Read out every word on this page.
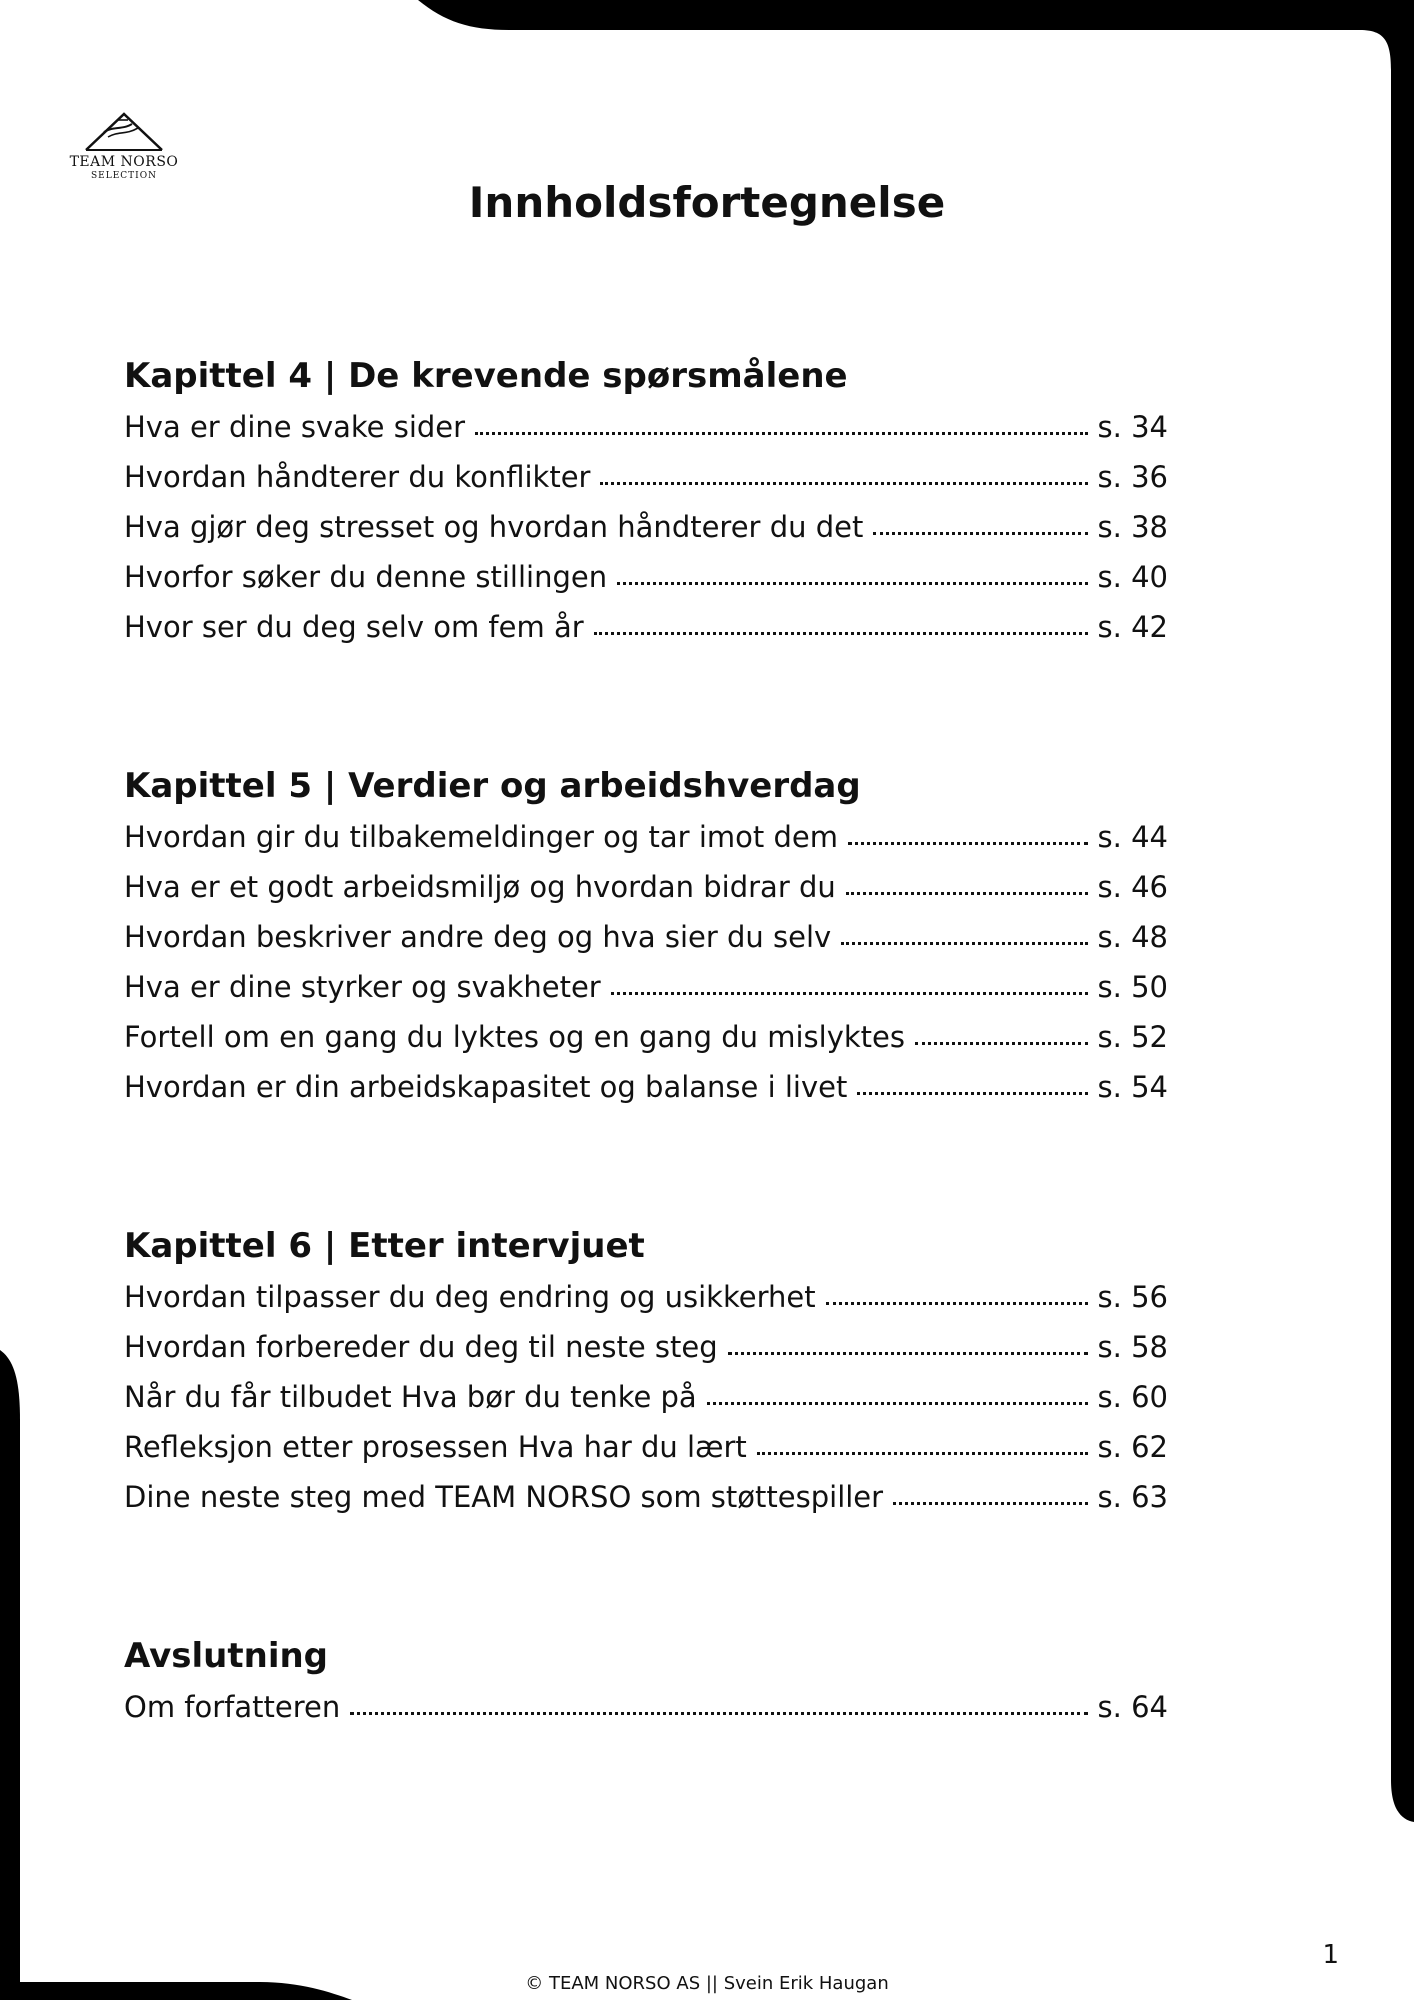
TEAM NORSO
SELECTION
Innholdsfortegnelse
Kapittel 4 | De krevende spørsmålene
Hva er dine svake sider	s. 34
Hvordan håndterer du konflikter	s. 36
Hva gjør deg stresset og hvordan håndterer du det	s. 38
Hvorfor søker du denne stillingen	s. 40
Hvor ser du deg selv om fem år	s. 42
Kapittel 5 | Verdier og arbeidshverdag
Hvordan gir du tilbakemeldinger og tar imot dem	s. 44
Hva er et godt arbeidsmiljø og hvordan bidrar du	s. 46
Hvordan beskriver andre deg og hva sier du selv	s. 48
Hva er dine styrker og svakheter	s. 50
Fortell om en gang du lyktes og en gang du mislyktes	s. 52
Hvordan er din arbeidskapasitet og balanse i livet	s. 54
Kapittel 6 | Etter intervjuet
Hvordan tilpasser du deg endring og usikkerhet	s. 56
Hvordan forbereder du deg til neste steg	s. 58
Når du får tilbudet Hva bør du tenke på	s. 60
Refleksjon etter prosessen Hva har du lært	s. 62
Dine neste steg med TEAM NORSO som støttespiller	s. 63
Avslutning
Om forfatteren	s. 64
1
© TEAM NORSO AS || Svein Erik Haugan
